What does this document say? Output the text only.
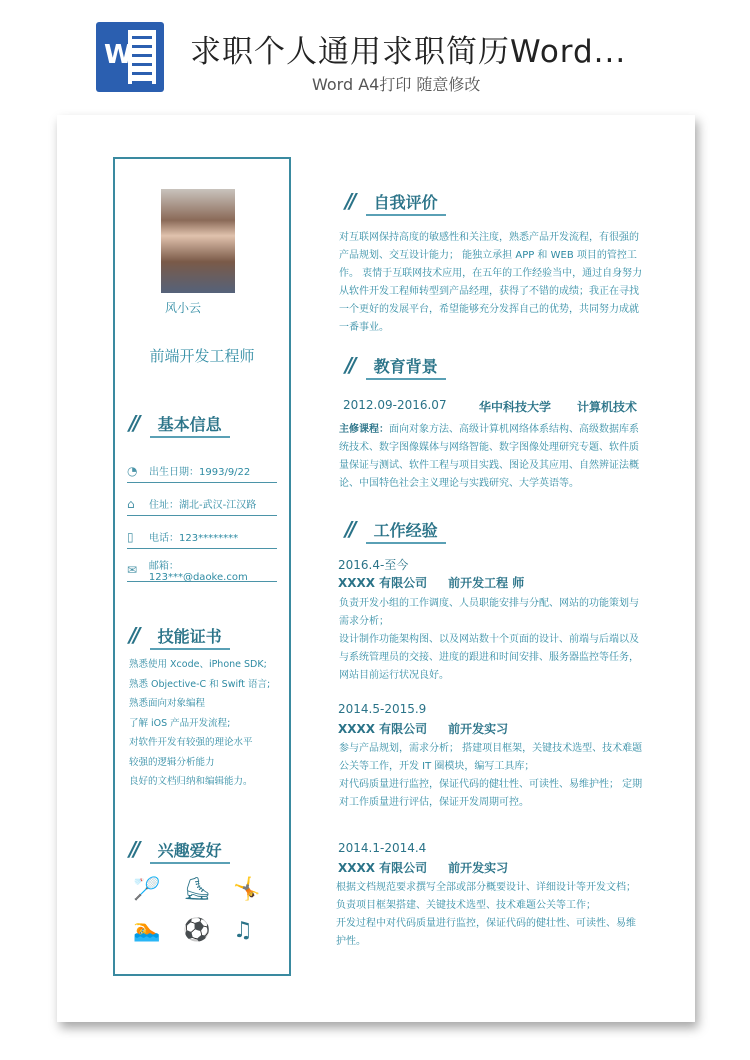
W 求职个人通用求职简历Word...
Word A4打印 随意修改
风小云
前端开发工程师
// 基本信息
◔	出生日期：1993/9/22
⌂	住址：湖北-武汉-江汉路
▯	电话：123********
✉	邮箱：123***@daoke.com
// 技能证书
熟悉使用 Xcode、iPhone SDK;
熟悉 Objective-C 和 Swift 语言;
熟悉面向对象编程
了解 iOS 产品开发流程;
对软件开发有较强的理论水平
较强的逻辑分析能力
良好的文档归纳和编辑能力。
// 兴趣爱好
🏸	⛸	🤸
🏊	⚽	♫
// 自我评价
对互联网保持高度的敏感性和关注度，熟悉产品开发流程，有很强的产品规划、交互设计能力； 能独立承担 APP 和 WEB 项目的管控工作。 衷情于互联网技术应用，在五年的工作经验当中，通过自身努力从软件开发工程师转型到产品经理，获得了不错的成绩；我正在寻找一个更好的发展平台，希望能够充分发挥自己的优势，共同努力成就一番事业。
// 教育背景
2012.09-2016.07	华中科技大学 计算机技术
主修课程：面向对象方法、高级计算机网络体系结构、高级数据库系统技术、数字图像媒体与网络智能、数字图像处理研究专题、软件质量保证与测试、软件工程与项目实践、图论及其应用、自然辨证法概论、中国特色社会主义理论与实践研究、大学英语等。
// 工作经验
2016.4-至今
XXXX 有限公司     前开发工程 师
负责开发小组的工作调度、人员职能安排与分配、网站的功能策划与需求分析；
设计制作功能架构图、以及网站数十个页面的设计、前端与后端以及与系统管理员的交接、进度的跟进和时间安排、服务器监控等任务，网站目前运行状况良好。
2014.5-2015.9
XXXX 有限公司     前开发实习
参与产品规划，需求分析； 搭建项目框架，关键技术选型、技术难题公关等工作，开发 IT 圈模块，编写工具库；
对代码质量进行监控，保证代码的健壮性、可读性、易维护性； 定期对工作质量进行评估，保证开发周期可控。
2014.1-2014.4
XXXX 有限公司     前开发实习
根据文档规范要求撰写全部或部分概要设计、详细设计等开发文档；负责项目框架搭建、关键技术选型、技术难题公关等工作；
开发过程中对代码质量进行监控，保证代码的健壮性、可读性、易维护性。
